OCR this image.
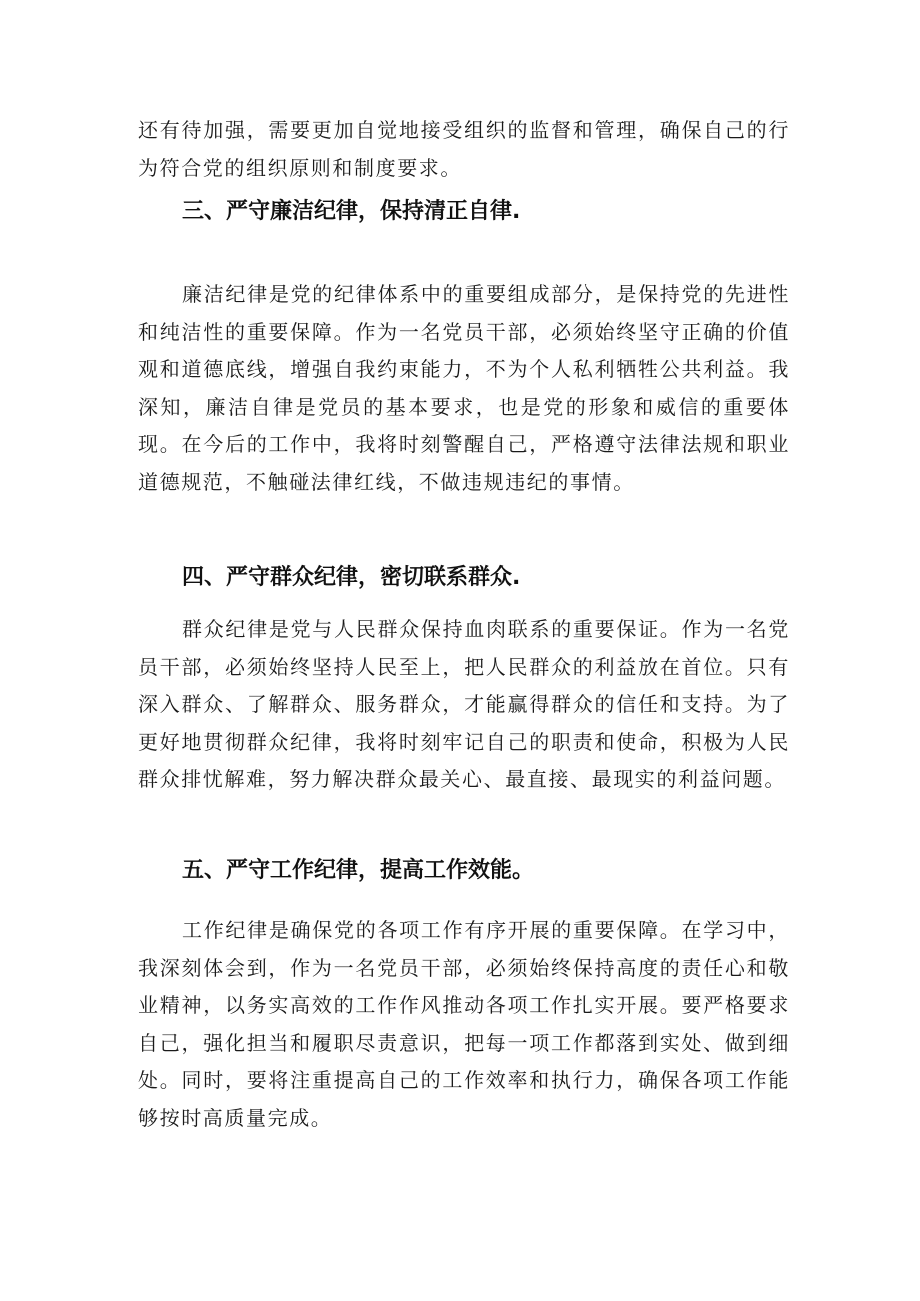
还有待加强，需要更加自觉地接受组织的监督和管理，确保自己的行为符合党的组织原则和制度要求。

三、严守廉洁纪律，保持清正自律.

廉洁纪律是党的纪律体系中的重要组成部分，是保持党的先进性和纯洁性的重要保障。作为一名党员干部，必须始终坚守正确的价值观和道德底线，增强自我约束能力，不为个人私利牺牲公共利益。我深知，廉洁自律是党员的基本要求，也是党的形象和威信的重要体现。在今后的工作中，我将时刻警醒自己，严格遵守法律法规和职业道德规范，不触碰法律红线，不做违规违纪的事情。

四、严守群众纪律，密切联系群众.

群众纪律是党与人民群众保持血肉联系的重要保证。作为一名党员干部，必须始终坚持人民至上，把人民群众的利益放在首位。只有深入群众、了解群众、服务群众，才能赢得群众的信任和支持。为了更好地贯彻群众纪律，我将时刻牢记自己的职责和使命，积极为人民群众排忧解难，努力解决群众最关心、最直接、最现实的利益问题。

五、严守工作纪律，提高工作效能。

工作纪律是确保党的各项工作有序开展的重要保障。在学习中，我深刻体会到，作为一名党员干部，必须始终保持高度的责任心和敬业精神，以务实高效的工作作风推动各项工作扎实开展。要严格要求自己，强化担当和履职尽责意识，把每一项工作都落到实处、做到细处。同时，要将注重提高自己的工作效率和执行力，确保各项工作能够按时高质量完成。
